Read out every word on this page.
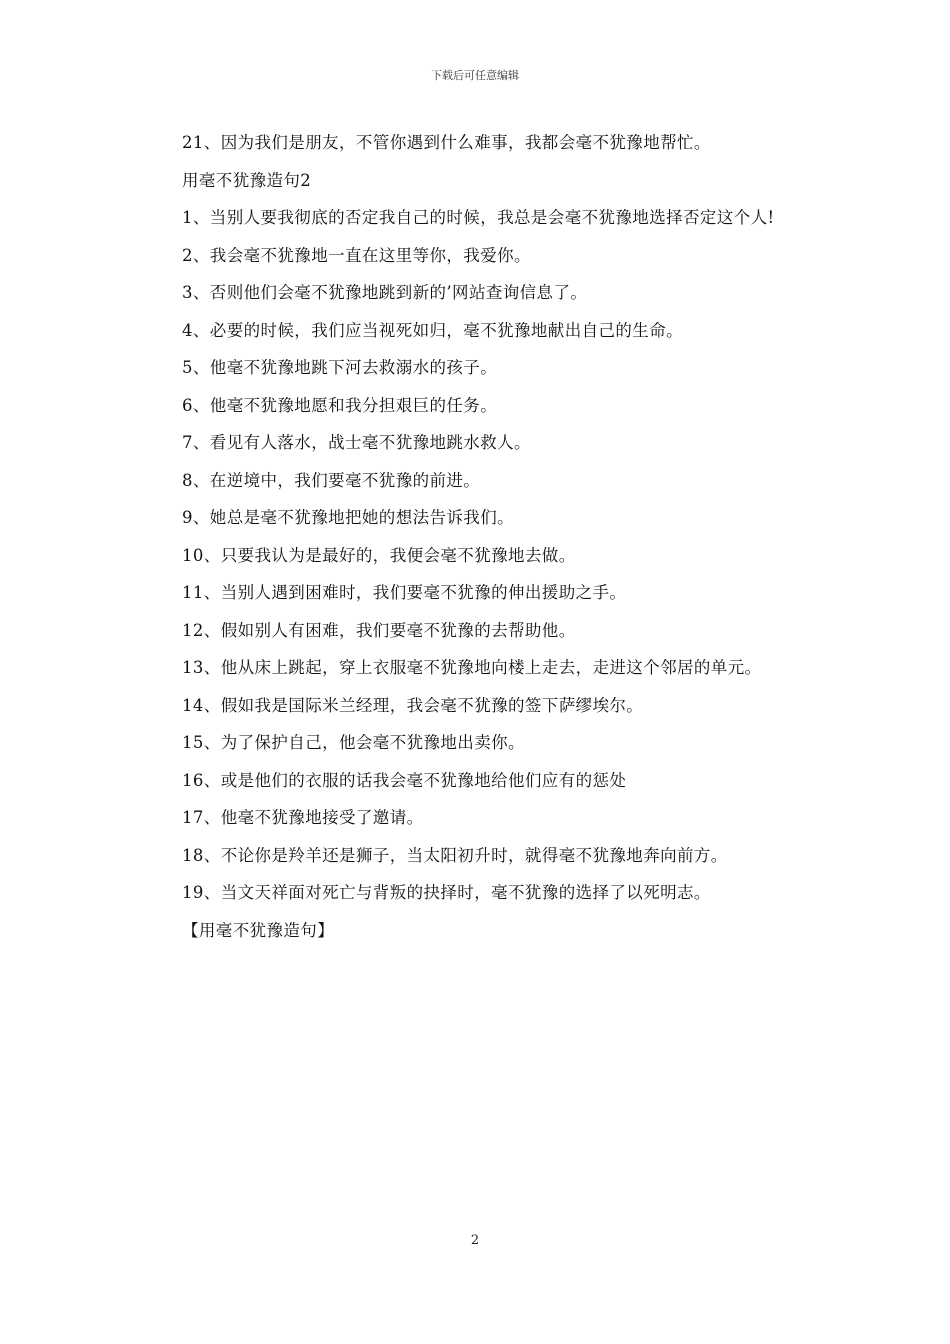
下载后可任意编辑

21、因为我们是朋友，不管你遇到什么难事，我都会毫不犹豫地帮忙。

用毫不犹豫造句2

1、当别人要我彻底的否定我自己的时候，我总是会毫不犹豫地选择否定这个人!

2、我会毫不犹豫地一直在这里等你，我爱你。

3、否则他们会毫不犹豫地跳到新的’网站查询信息了。

4、必要的时候，我们应当视死如归，毫不犹豫地献出自己的生命。

5、他毫不犹豫地跳下河去救溺水的孩子。

6、他毫不犹豫地愿和我分担艰巨的任务。

7、看见有人落水，战士毫不犹豫地跳水救人。

8、在逆境中，我们要毫不犹豫的前进。

9、她总是毫不犹豫地把她的想法告诉我们。

10、只要我认为是最好的，我便会毫不犹豫地去做。

11、当别人遇到困难时，我们要毫不犹豫的伸出援助之手。

12、假如别人有困难，我们要毫不犹豫的去帮助他。

13、他从床上跳起，穿上衣服毫不犹豫地向楼上走去，走进这个邻居的单元。

14、假如我是国际米兰经理，我会毫不犹豫的签下萨缪埃尔。

15、为了保护自己，他会毫不犹豫地出卖你。

16、或是他们的衣服的话我会毫不犹豫地给他们应有的惩处

17、他毫不犹豫地接受了邀请。

18、不论你是羚羊还是狮子，当太阳初升时，就得毫不犹豫地奔向前方。

19、当文天祥面对死亡与背叛的抉择时，毫不犹豫的选择了以死明志。

【用毫不犹豫造句】

2
